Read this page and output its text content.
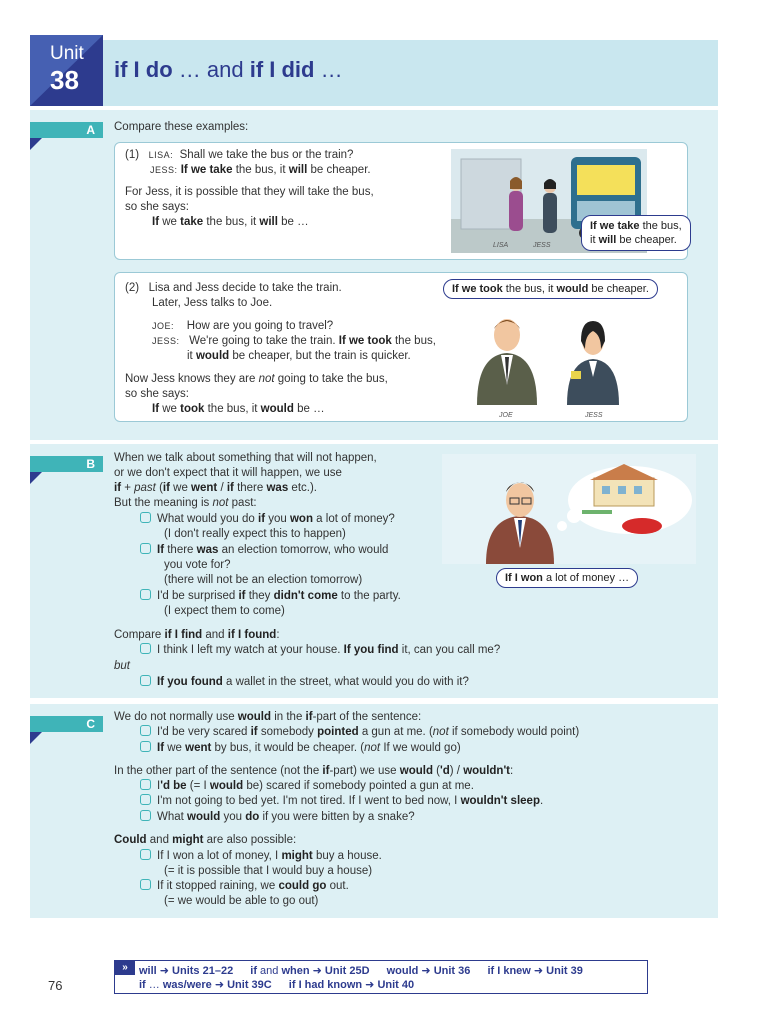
Unit
38 if I do … and if I did …
A	Compare these examples:
(1) LISA: Shall we take the bus or the train?
JESS: If we take the bus, it will be cheaper.
For Jess, it is possible that they will take the bus,
so she says:
If we take the bus, it will be …
LISA	JESS
If we take the bus,
it will be cheaper.
(2) Lisa and Jess decide to take the train.
Later, Jess talks to Joe.
JOE: How are you going to travel?
JESS: We're going to take the train. If we took the bus,
it would be cheaper, but the train is quicker.
Now Jess knows they are not going to take the bus,
so she says:
If we took the bus, it would be …
If we took the bus, it would be cheaper.
JOE	JESS
B	When we talk about something that will not happen,
or we don't expect that it will happen, we use
if + past (if we went / if there was etc.).
But the meaning is not past:
What would you do if you won a lot of money?
(I don't really expect this to happen)
If there was an election tomorrow, who would
you vote for?
(there will not be an election tomorrow)
I'd be surprised if they didn't come to the party.
(I expect them to come)
Compare if I find and if I found:
I think I left my watch at your house. If you find it, can you call me?
but
If you found a wallet in the street, what would you do with it?
If I won a lot of money …
C	We do not normally use would in the if-part of the sentence:
I'd be very scared if somebody pointed a gun at me. (not if somebody would point)
If we went by bus, it would be cheaper. (not If we would go)
In the other part of the sentence (not the if-part) we use would ('d) / wouldn't:
I'd be (= I would be) scared if somebody pointed a gun at me.
I'm not going to bed yet. I'm not tired. If I went to bed now, I wouldn't sleep.
What would you do if you were bitten by a snake?
Could and might are also possible:
If I won a lot of money, I might buy a house.
(= it is possible that I would buy a house)
If it stopped raining, we could go out.
(= we would be able to go out)
76
»	will ➜ Units 21–22 if and when ➜ Unit 25D would ➜ Unit 36 if I knew ➜ Unit 39
if … was/were ➜ Unit 39C if I had known ➜ Unit 40
